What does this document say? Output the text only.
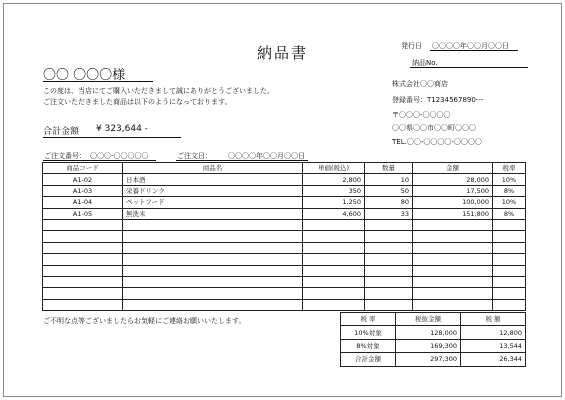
納品書	発行日 〇〇〇〇年〇〇月〇〇日
納品No.
〇〇 〇〇〇様
この度は、当店にてご購入いただきまして誠にありがとうございました。
ご注文いただきました商品は以下のようになっております。
合計金額 ¥ 323,644 -
株式会社〇〇商店
登録番号：T12345678​90---
〒〇〇〇-〇〇〇〇
〇〇県〇〇市〇〇町〇〇〇
TEL.〇〇-〇〇〇〇-〇〇〇〇
ご注文番号： 〇〇〇-〇〇〇〇〇	ご注文日： 〇〇〇〇年〇〇月〇〇日
商品コード	商品名	単価(税込)	数量	金額	税率
A1-02	日本酒	2,800	10	28,000	10%
A1-03	栄養ドリンク	350	50	17,500	8%
A1-04	ペットフード	1,250	80	100,000	10%
A1-05	無洗米	4,600	33	151,800	8%

ご不明な点等ございましたらお気軽にご連絡お願いいたします。	税 率	税抜金額	税 額
10%対象	128,000	12,800
8%対象	169,300	13,544
合計金額	297,300	26,344
